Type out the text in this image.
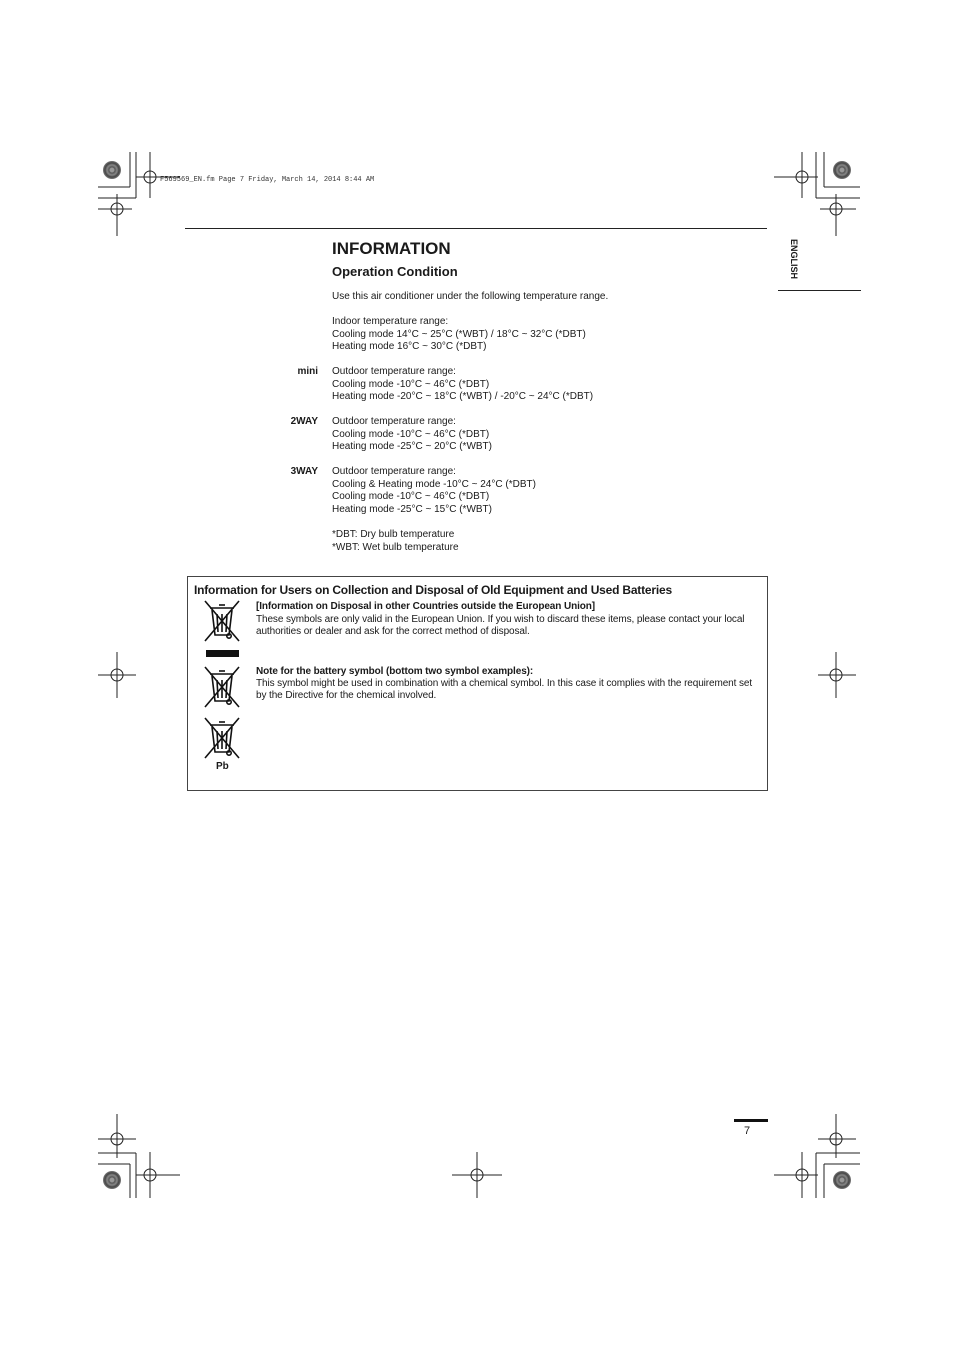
F569569_EN.fm Page 7 Friday, March 14, 2014 8:44 AM
ENGLISH
INFORMATION
Operation Condition
Use this air conditioner under the following temperature range.
Indoor temperature range:
Cooling mode 14°C ~ 25°C (*WBT) / 18°C ~ 32°C (*DBT)
Heating mode 16°C ~ 30°C (*DBT)
mini Outdoor temperature range:
Cooling mode -10°C ~ 46°C (*DBT)
Heating mode -20°C ~ 18°C (*WBT) / -20°C ~ 24°C (*DBT)
2WAY Outdoor temperature range:
Cooling mode -10°C ~ 46°C (*DBT)
Heating mode -25°C ~ 20°C (*WBT)
3WAY Outdoor temperature range:
Cooling & Heating mode -10°C ~ 24°C (*DBT)
Cooling mode -10°C ~ 46°C (*DBT)
Heating mode -25°C ~ 15°C (*WBT)
*DBT: Dry bulb temperature
*WBT: Wet bulb temperature
Information for Users on Collection and Disposal of Old Equipment and Used Batteries
Pb
[Information on Disposal in other Countries outside the European Union]
These symbols are only valid in the European Union. If you wish to discard these items, please contact your local authorities or dealer and ask for the correct method of disposal.
Note for the battery symbol (bottom two symbol examples):
This symbol might be used in combination with a chemical symbol. In this case it complies with the requirement set by the Directive for the chemical involved.
7
